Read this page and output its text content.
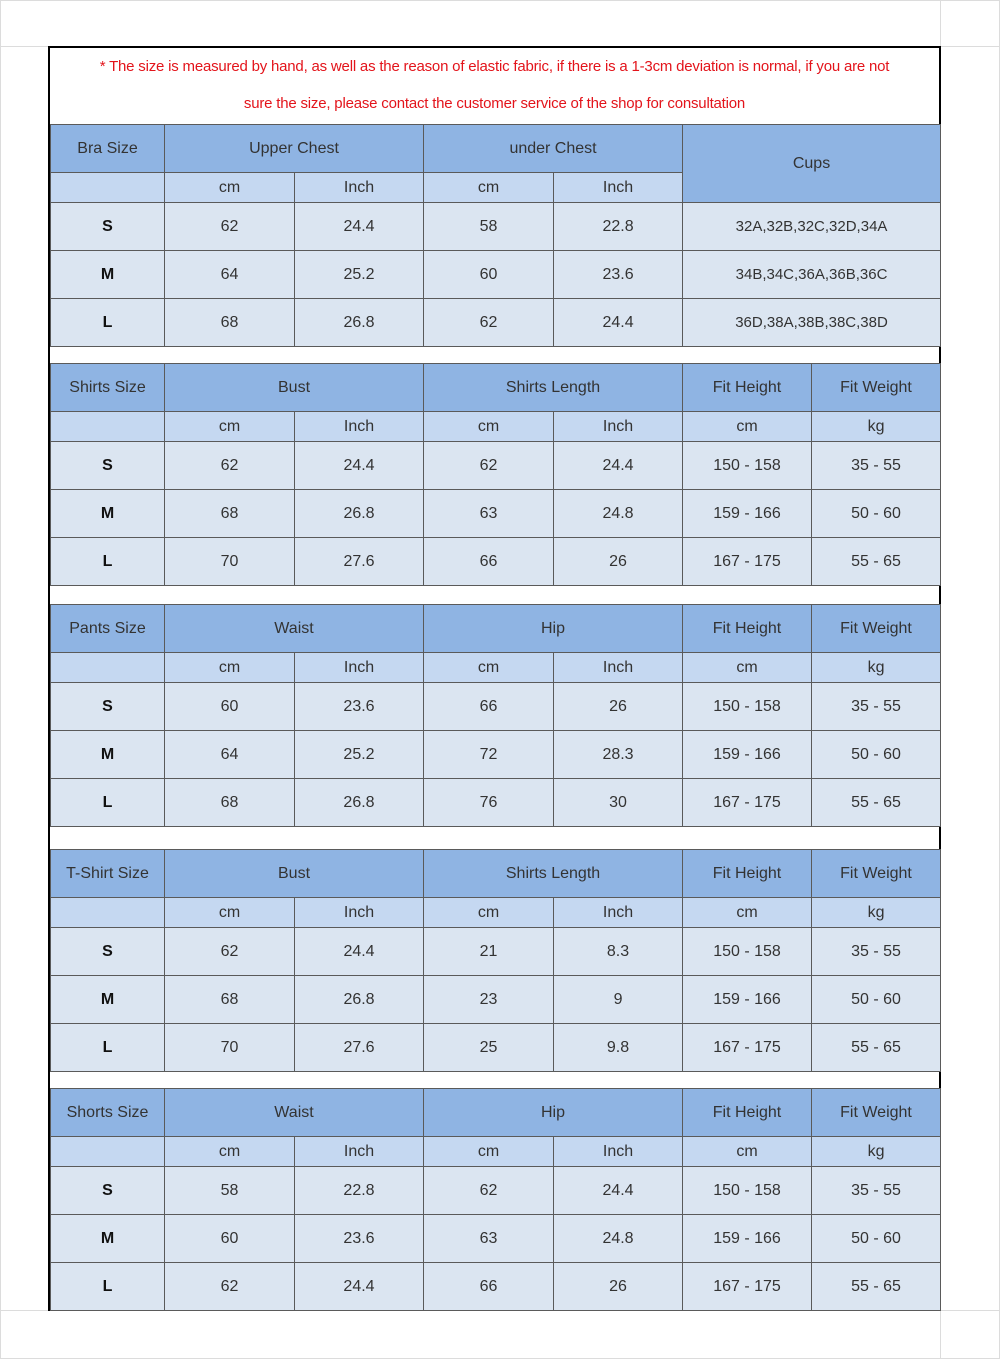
* The size is measured by hand, as well as the reason of elastic fabric, if there is a 1-3cm deviation is normal, if you are not
sure the size, please contact the customer service of the shop for consultation
Bra Size	Upper Chest		under Chest		Cups
	cm	Inch	cm	Inch	
S	62	24.4	58	22.8	32A,32B,32C,32D,34A
M	64	25.2	60	23.6	34B,34C,36A,36B,36C
L	68	26.8	62	24.4	36D,38A,38B,38C,38D
Shirts Size	Bust		Shirts Length		Fit Height	Fit Weight
	cm	Inch	cm	Inch	cm	kg
S	62	24.4	62	24.4	150 - 158	35 - 55
M	68	26.8	63	24.8	159 - 166	50 - 60
L	70	27.6	66	26	167 - 175	55 - 65
Pants Size	Waist		Hip		Fit Height	Fit Weight
	cm	Inch	cm	Inch	cm	kg
S	60	23.6	66	26	150 - 158	35 - 55
M	64	25.2	72	28.3	159 - 166	50 - 60
L	68	26.8	76	30	167 - 175	55 - 65
T-Shirt Size	Bust		Shirts Length		Fit Height	Fit Weight
	cm	Inch	cm	Inch	cm	kg
S	62	24.4	21	8.3	150 - 158	35 - 55
M	68	26.8	23	9	159 - 166	50 - 60
L	70	27.6	25	9.8	167 - 175	55 - 65
Shorts Size	Waist		Hip		Fit Height	Fit Weight
	cm	Inch	cm	Inch	cm	kg
S	58	22.8	62	24.4	150 - 158	35 - 55
M	60	23.6	63	24.8	159 - 166	50 - 60
L	62	24.4	66	26	167 - 175	55 - 65
